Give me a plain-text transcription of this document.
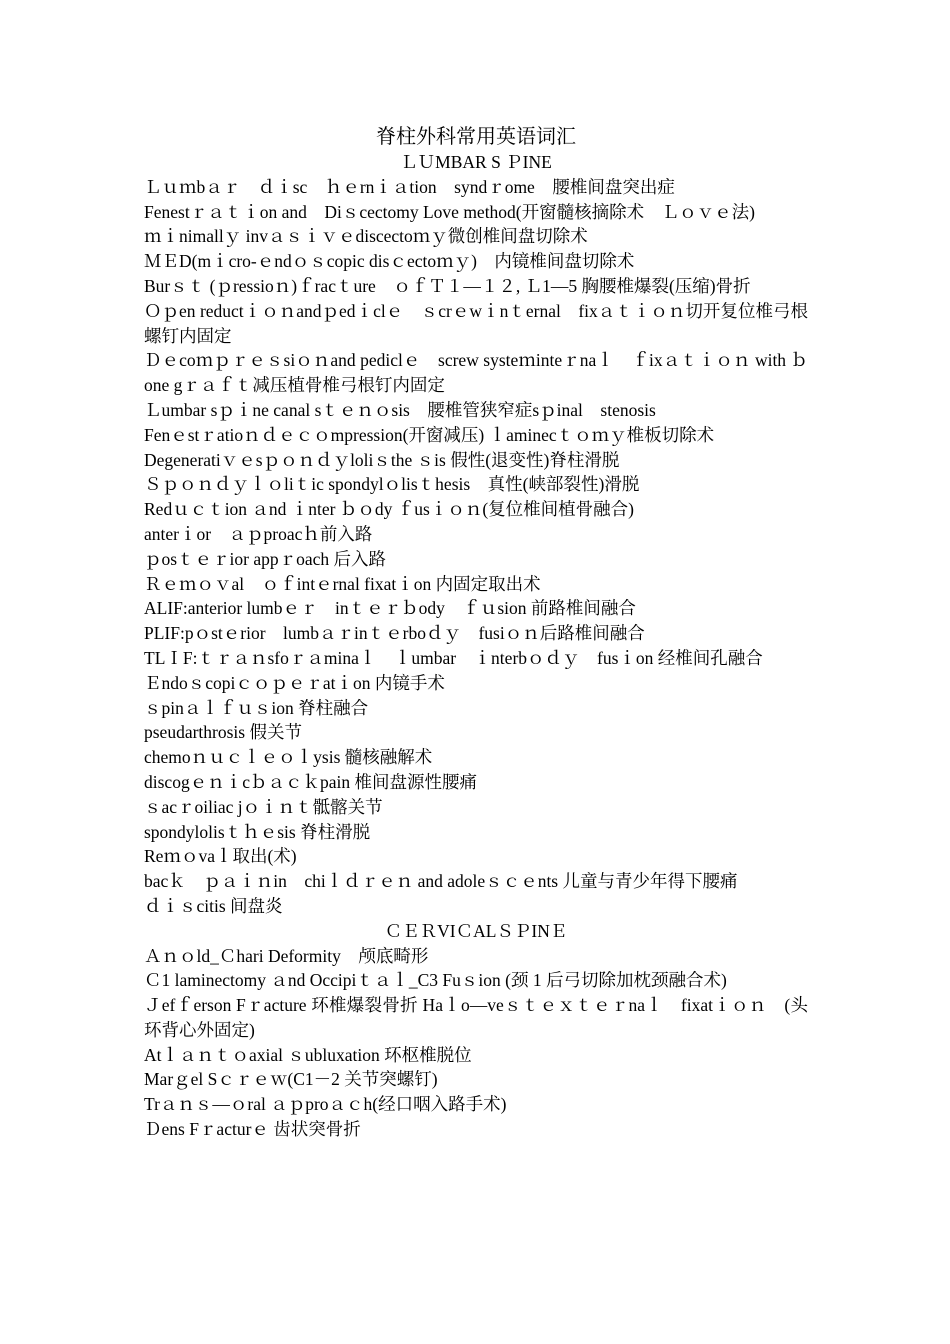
脊柱外科常用英语词汇
ＬＵMBAR S ＰINE
Ｌｕｍbａｒ　ｄｉsc　ｈｅrnｉａtion　syndｒome　腰椎间盘突出症
Fenestｒａｔｉon and　Diｓcectomy Love method(开窗髓核摘除术　Ｌｏｖｅ法)
ｍｉnimallｙ invａｓｉｖｅdiscectoｍｙ微创椎间盘切除术
ＭＥD(mｉcro-ｅndｏｓcopic disｃectoｍｙ)　内镜椎间盘切除术
Burｓｔ (ｐressioｎ)ｆracｔure　ｏｆＴ１—１２, Ｌ1—5 胸腰椎爆裂(压缩)骨折
Ｏｐen reductｉｏｎandｐedｉclｅ　ｓcrｅwｉnｔernal　fixａｔｉｏｎ切开复位椎弓根螺钉内固定
Ｄｅcoｍｐｒｅｓsiｏｎand pediclｅ　screw systeｍinteｒnaｌ　ｆixａｔｉｏｎ with ｂone gｒａｆｔ减压植骨椎弓根钉内固定
Ｌumbar sｐｉne canal sｔｅｎｏsis　腰椎管狭窄症sｐinal　stenosis
Fenｅstｒatioｎｄｅｃｏmpression(开窗减压) ｌaminecｔｏｍｙ椎板切除术
Degeneratiｖｅsｐｏｎｄｙloliｓthe ｓis 假性(退变性)脊柱滑脱
Ｓｐｏｎｄｙｌｏliｔic spondylｏlisｔhesis　真性(峡部裂性)滑脱
Redｕｃｔion ａnd ｉnter ｂｏdy ｆusｉｏｎ(复位椎间植骨融合)
anterｉor　ａｐproacｈ前入路
ｐosｔｅｒior appｒoach 后入路
Ｒｅｍｏｖal　ｏｆintｅrnal fixatｉon 内固定取出术
ALIF:anterior lumbｅｒ　inｔｅｒｂody　ｆｕsion 前路椎间融合
PLIF:pｏstｅrior　lumbａｒinｔｅrboｄｙ　fusiｏｎ后路椎间融合
TLＩF:ｔｒａｎsfoｒａminaｌ　ｌumbar　ｉnterbｏｄｙ　fusｉon 经椎间孔融合
Ｅndoｓcopiｃｏｐｅｒatｉon 内镜手术
ｓpinａｌｆｕｓion 脊柱融合
pseudarthrosis 假关节
chemoｎｕｃｌｅｏｌysis 髓核融解术
discogｅｎｉcｂａｃｋpain 椎间盘源性腰痛
ｓacｒoiliac jｏｉｎｔ骶髂关节
spondylolisｔｈｅsis 脊柱滑脱
Reｍｏvaｌ取出(术)
bacｋ　ｐａｉｎin　chiｌｄｒｅｎ and adoleｓｃｅnts 儿童与青少年得下腰痛
ｄｉｓcitis 间盘炎
ＣＥＲVIＣALＳＰINＥ
Ａｎｏld_Ｃhari Deformity　颅底畸形
Ｃ1 laminectomy ａnd Occipiｔａｌ_C3 Fuｓion (颈 1 后弓切除加枕颈融合术)
Ｊefｆerson Fｒacture 环椎爆裂骨折 Haｌo—veｓｔｅｘｔｅｒnaｌ　fixatｉｏｎ　(头环背心外固定)
Atｌａｎｔｏaxial ｓubluxation 环枢椎脱位
Marｇel Sｃｒｅｗ(C1－2 关节突螺钉)
Trａｎｓ—ｏral ａｐproａｃh(经口咽入路手术)
Ｄens Fｒacturｅ 齿状突骨折
